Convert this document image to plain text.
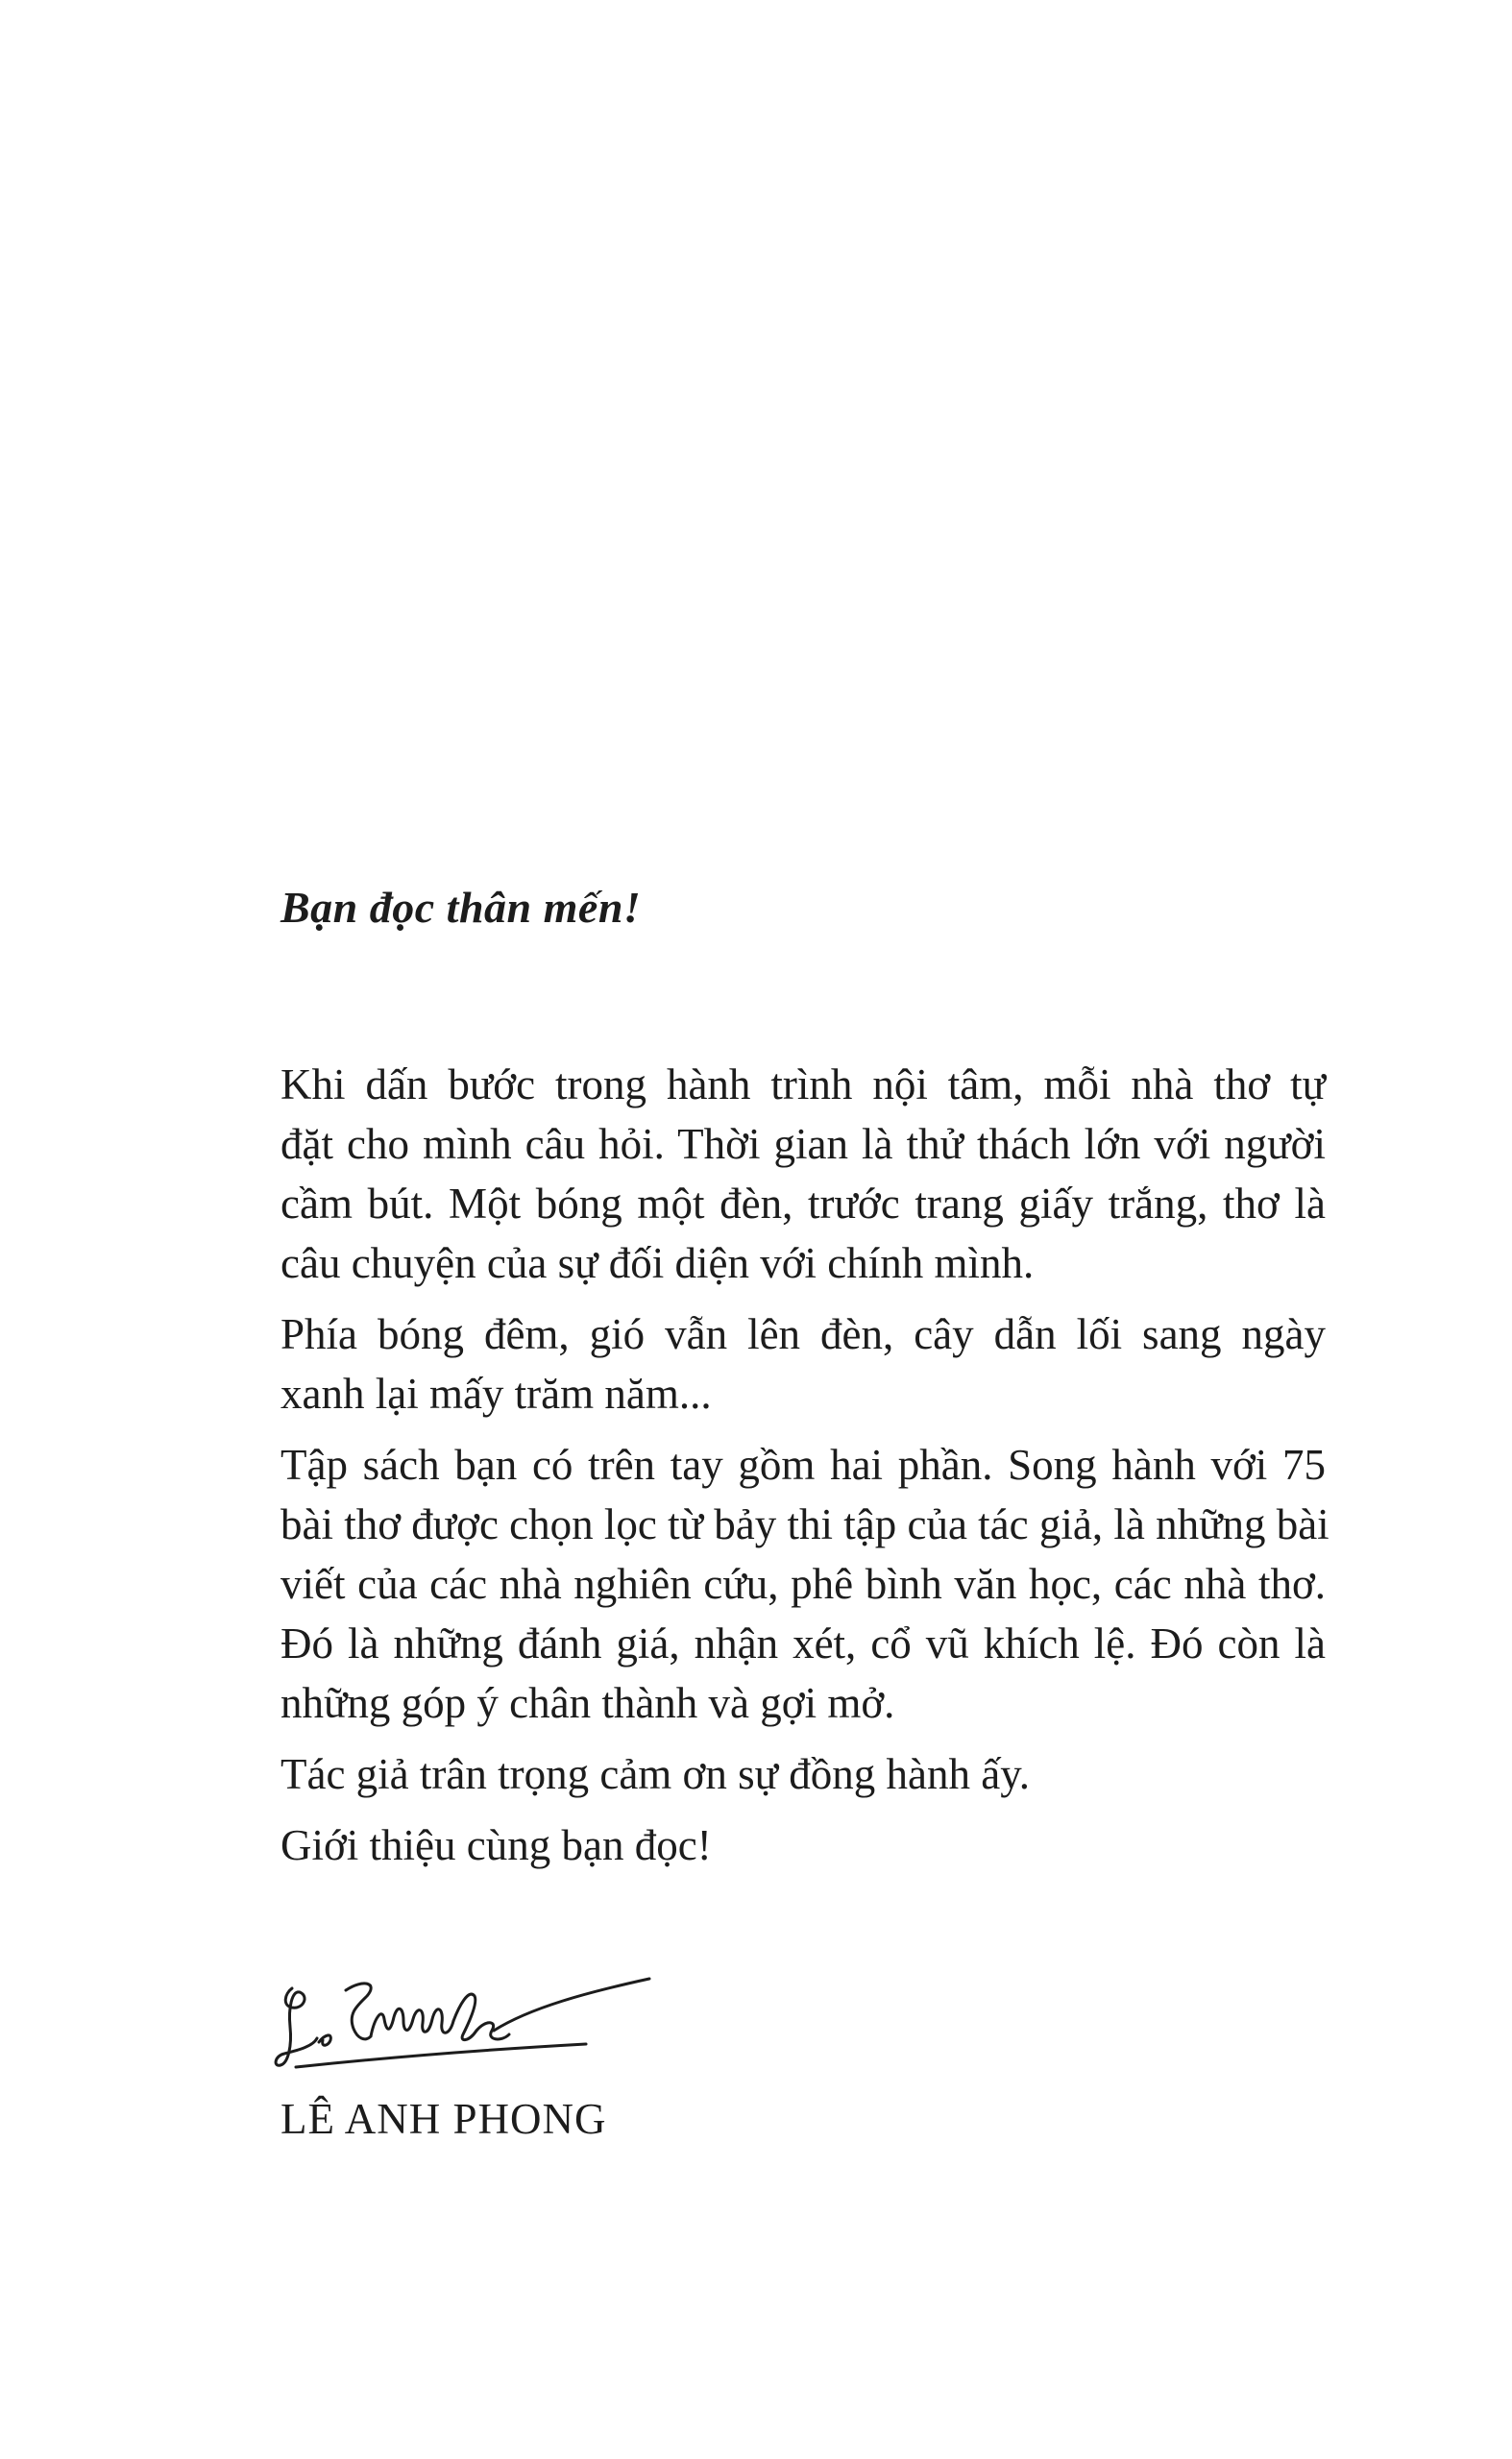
Bạn đọc thân mến!

Khi dấn bước trong hành trình nội tâm, mỗi nhà thơ tự
đặt cho mình câu hỏi. Thời gian là thử thách lớn với người
cầm bút. Một bóng một đèn, trước trang giấy trắng, thơ là
câu chuyện của sự đối diện với chính mình.

Phía bóng đêm, gió vẫn lên đèn, cây dẫn lối sang ngày
xanh lại mấy trăm năm...

Tập sách bạn có trên tay gồm hai phần. Song hành với 75
bài thơ được chọn lọc từ bảy thi tập của tác giả, là những bài
viết của các nhà nghiên cứu, phê bình văn học, các nhà thơ.
Đó là những đánh giá, nhận xét, cổ vũ khích lệ. Đó còn là
những góp ý chân thành và gợi mở.

Tác giả trân trọng cảm ơn sự đồng hành ấy.

Giới thiệu cùng bạn đọc!

LÊ ANH PHONG
